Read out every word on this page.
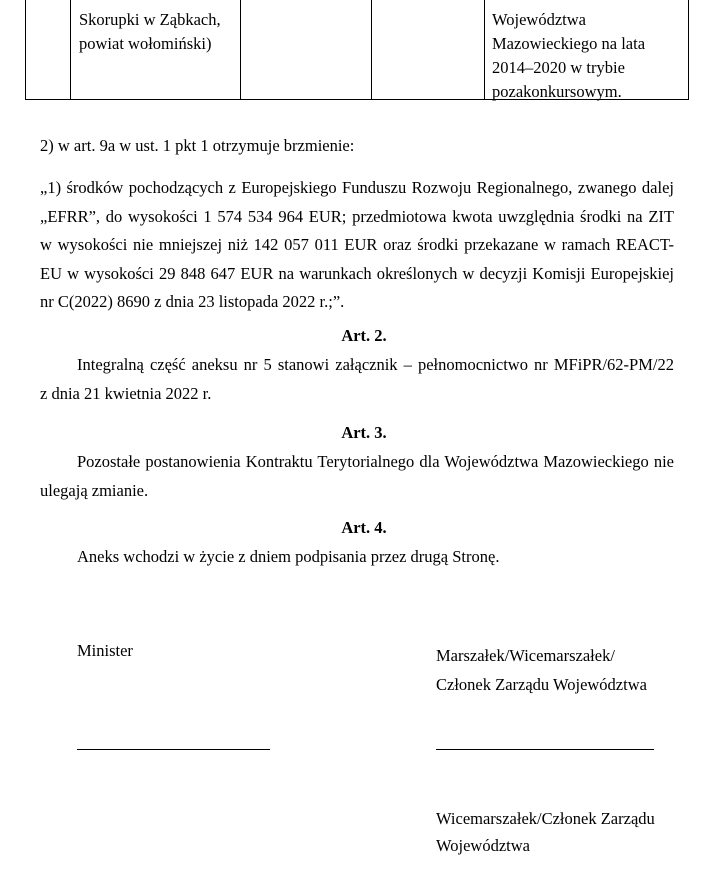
Skorupki w Ząbkach,
powiat wołomiński)
Województwa
Mazowieckiego na lata
2014–2020 w trybie
pozakonkursowym.
2) w art. 9a w ust. 1 pkt 1 otrzymuje brzmienie:
„1) środków pochodzących z Europejskiego Funduszu Rozwoju Regionalnego, zwanego dalej
„EFRR”, do wysokości 1 574 534 964 EUR; przedmiotowa kwota uwzględnia środki na ZIT
w wysokości nie mniejszej niż 142 057 011 EUR oraz środki przekazane w ramach REACT-
EU w wysokości 29 848 647 EUR na warunkach określonych w decyzji Komisji Europejskiej
nr C(2022) 8690 z dnia 23 listopada 2022 r.;”.
Art. 2.
Integralną część aneksu nr 5 stanowi załącznik – pełnomocnictwo nr MFiPR/62-PM/22
z dnia 21 kwietnia 2022 r.
Art. 3.
Pozostałe postanowienia Kontraktu Terytorialnego dla Województwa Mazowieckiego nie
ulegają zmianie.
Art. 4.
Aneks wchodzi w życie z dniem podpisania przez drugą Stronę.
Minister	Marszałek/Wicemarszałek/
Członek Zarządu Województwa
Wicemarszałek/Członek Zarządu
Województwa
